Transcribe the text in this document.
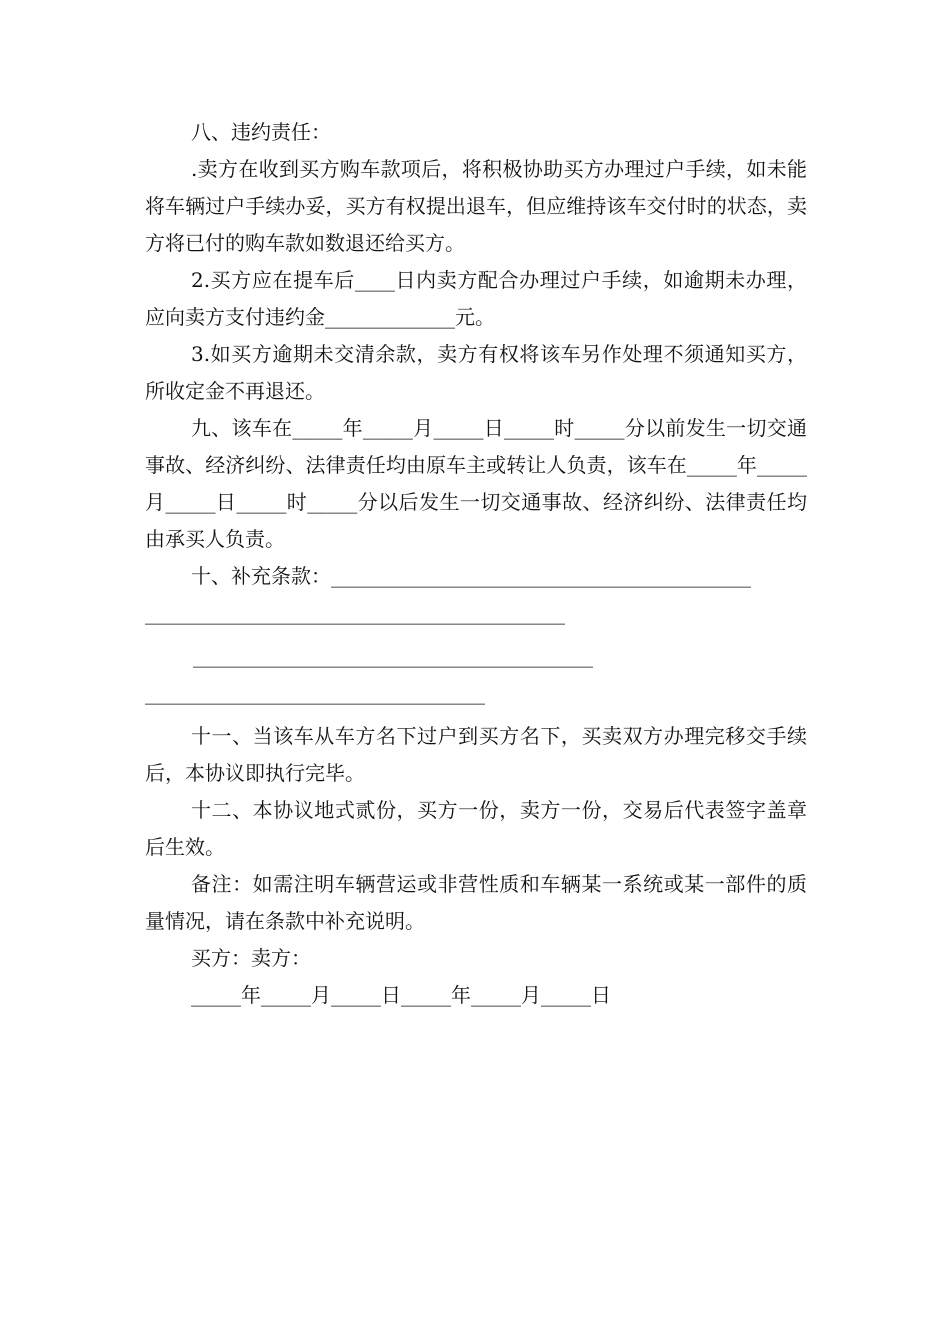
八、违约责任：

.卖方在收到买方购车款项后，将积极协助买方办理过户手续，如未能将车辆过户手续办妥，买方有权提出退车，但应维持该车交付时的状态，卖方将已付的购车款如数退还给买方。

2.买方应在提车后____日内卖方配合办理过户手续，如逾期未办理，应向卖方支付违约金_____________元。

3.如买方逾期未交清余款，卖方有权将该车另作处理不须通知买方，所收定金不再退还。

九、该车在_____年_____月_____日_____时_____分以前发生一切交通事故、经济纠纷、法律责任均由原车主或转让人负责，该车在_____年_____月_____日_____时_____分以后发生一切交通事故、经济纠纷、法律责任均由承买人负责。

十、补充条款：__________________________________________

__________________________________________

________________________________________

__________________________________

十一、当该车从车方名下过户到买方名下，买卖双方办理完移交手续后，本协议即执行完毕。

十二、本协议地式贰份，买方一份，卖方一份，交易后代表签字盖章后生效。

备注：如需注明车辆营运或非营性质和车辆某一系统或某一部件的质量情况，请在条款中补充说明。

买方：卖方：

_____年_____月_____日_____年_____月_____日
